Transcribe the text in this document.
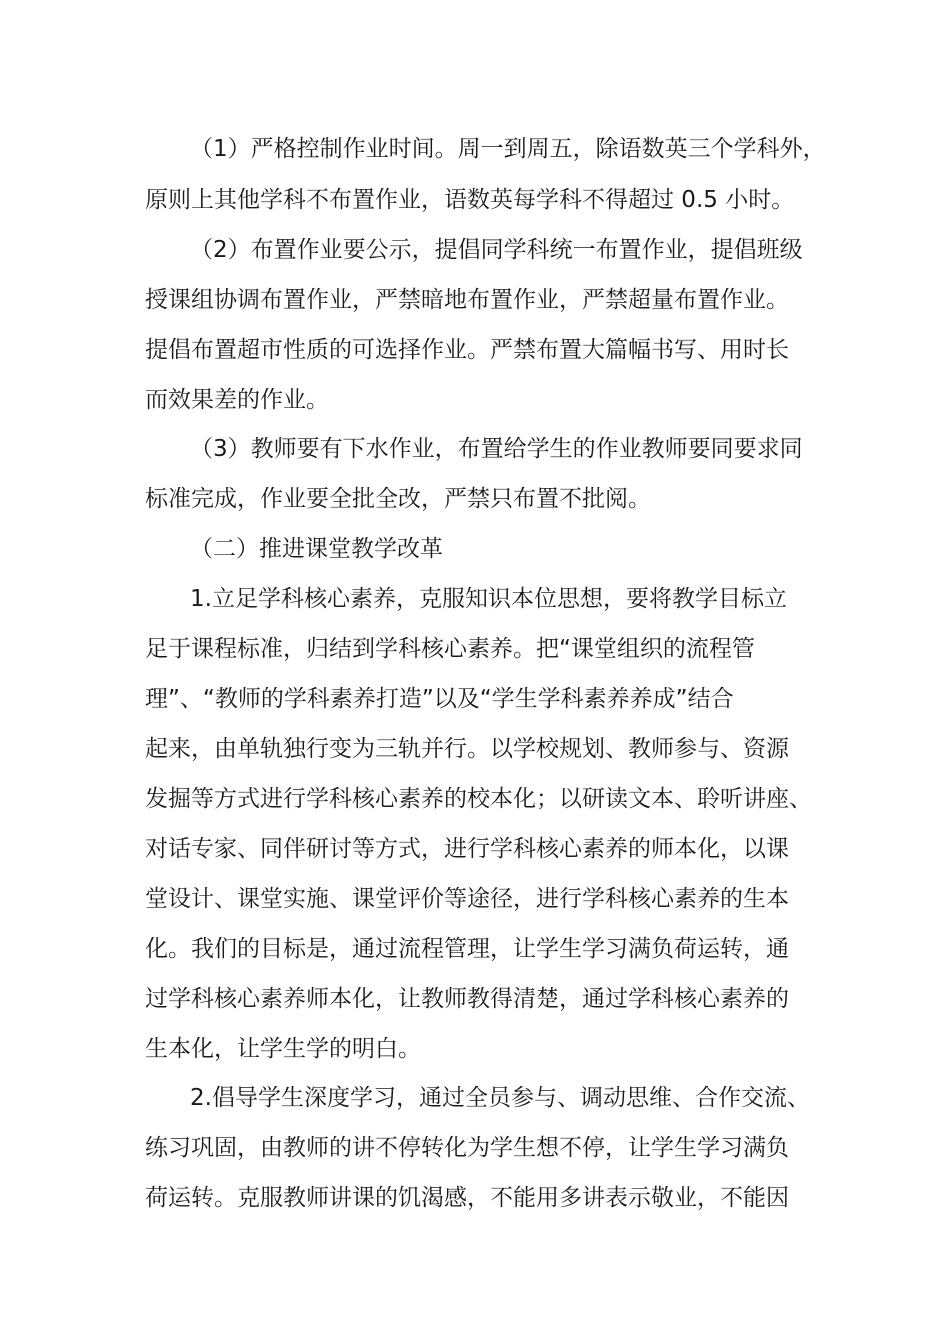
（1）严格控制作业时间。周一到周五，除语数英三个学科外，
原则上其他学科不布置作业，语数英每学科不得超过 0.5 小时。
（2）布置作业要公示，提倡同学科统一布置作业，提倡班级
授课组协调布置作业，严禁暗地布置作业，严禁超量布置作业。
提倡布置超市性质的可选择作业。严禁布置大篇幅书写、用时长
而效果差的作业。
（3）教师要有下水作业，布置给学生的作业教师要同要求同
标准完成，作业要全批全改，严禁只布置不批阅。
（二）推进课堂教学改革
1.立足学科核心素养，克服知识本位思想，要将教学目标立
足于课程标准，归结到学科核心素养。把“课堂组织的流程管
理”、“教师的学科素养打造”以及“学生学科素养养成”结合
起来，由单轨独行变为三轨并行。以学校规划、教师参与、资源
发掘等方式进行学科核心素养的校本化；以研读文本、聆听讲座、
对话专家、同伴研讨等方式，进行学科核心素养的师本化，以课
堂设计、课堂实施、课堂评价等途径，进行学科核心素养的生本
化。我们的目标是，通过流程管理，让学生学习满负荷运转，通
过学科核心素养师本化，让教师教得清楚，通过学科核心素养的
生本化，让学生学的明白。
2.倡导学生深度学习，通过全员参与、调动思维、合作交流、
练习巩固，由教师的讲不停转化为学生想不停，让学生学习满负
荷运转。克服教师讲课的饥渴感，不能用多讲表示敬业，不能因
